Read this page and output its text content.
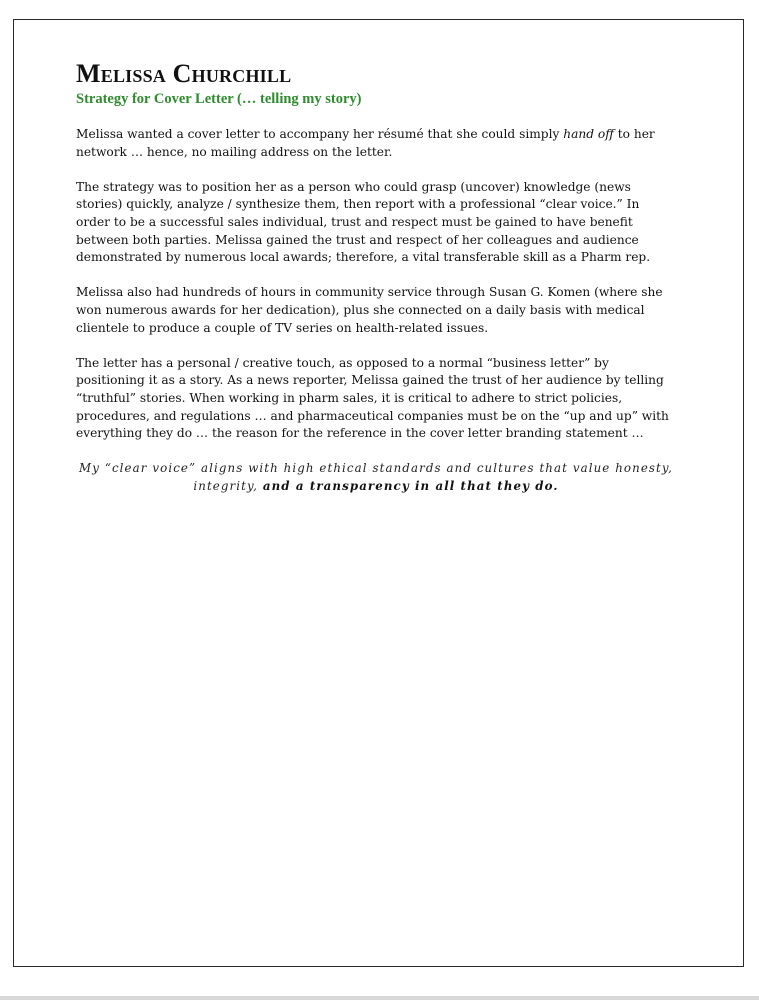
Melissa Churchill
Strategy for Cover Letter (… telling my story)

Melissa wanted a cover letter to accompany her résumé that she could simply hand off to her network … hence, no mailing address on the letter.

The strategy was to position her as a person who could grasp (uncover) knowledge (news stories) quickly, analyze / synthesize them, then report with a professional “clear voice.” In order to be a successful sales individual, trust and respect must be gained to have benefit between both parties. Melissa gained the trust and respect of her colleagues and audience demonstrated by numerous local awards; therefore, a vital transferable skill as a Pharm rep.

Melissa also had hundreds of hours in community service through Susan G. Komen (where she won numerous awards for her dedication), plus she connected on a daily basis with medical clientele to produce a couple of TV series on health-related issues.

The letter has a personal / creative touch, as opposed to a normal “business letter” by positioning it as a story. As a news reporter, Melissa gained the trust of her audience by telling “truthful” stories. When working in pharm sales, it is critical to adhere to strict policies, procedures, and regulations … and pharmaceutical companies must be on the “up and up” with everything they do … the reason for the reference in the cover letter branding statement …

My “clear voice” aligns with high ethical standards and cultures that value honesty, integrity, and a transparency in all that they do.
